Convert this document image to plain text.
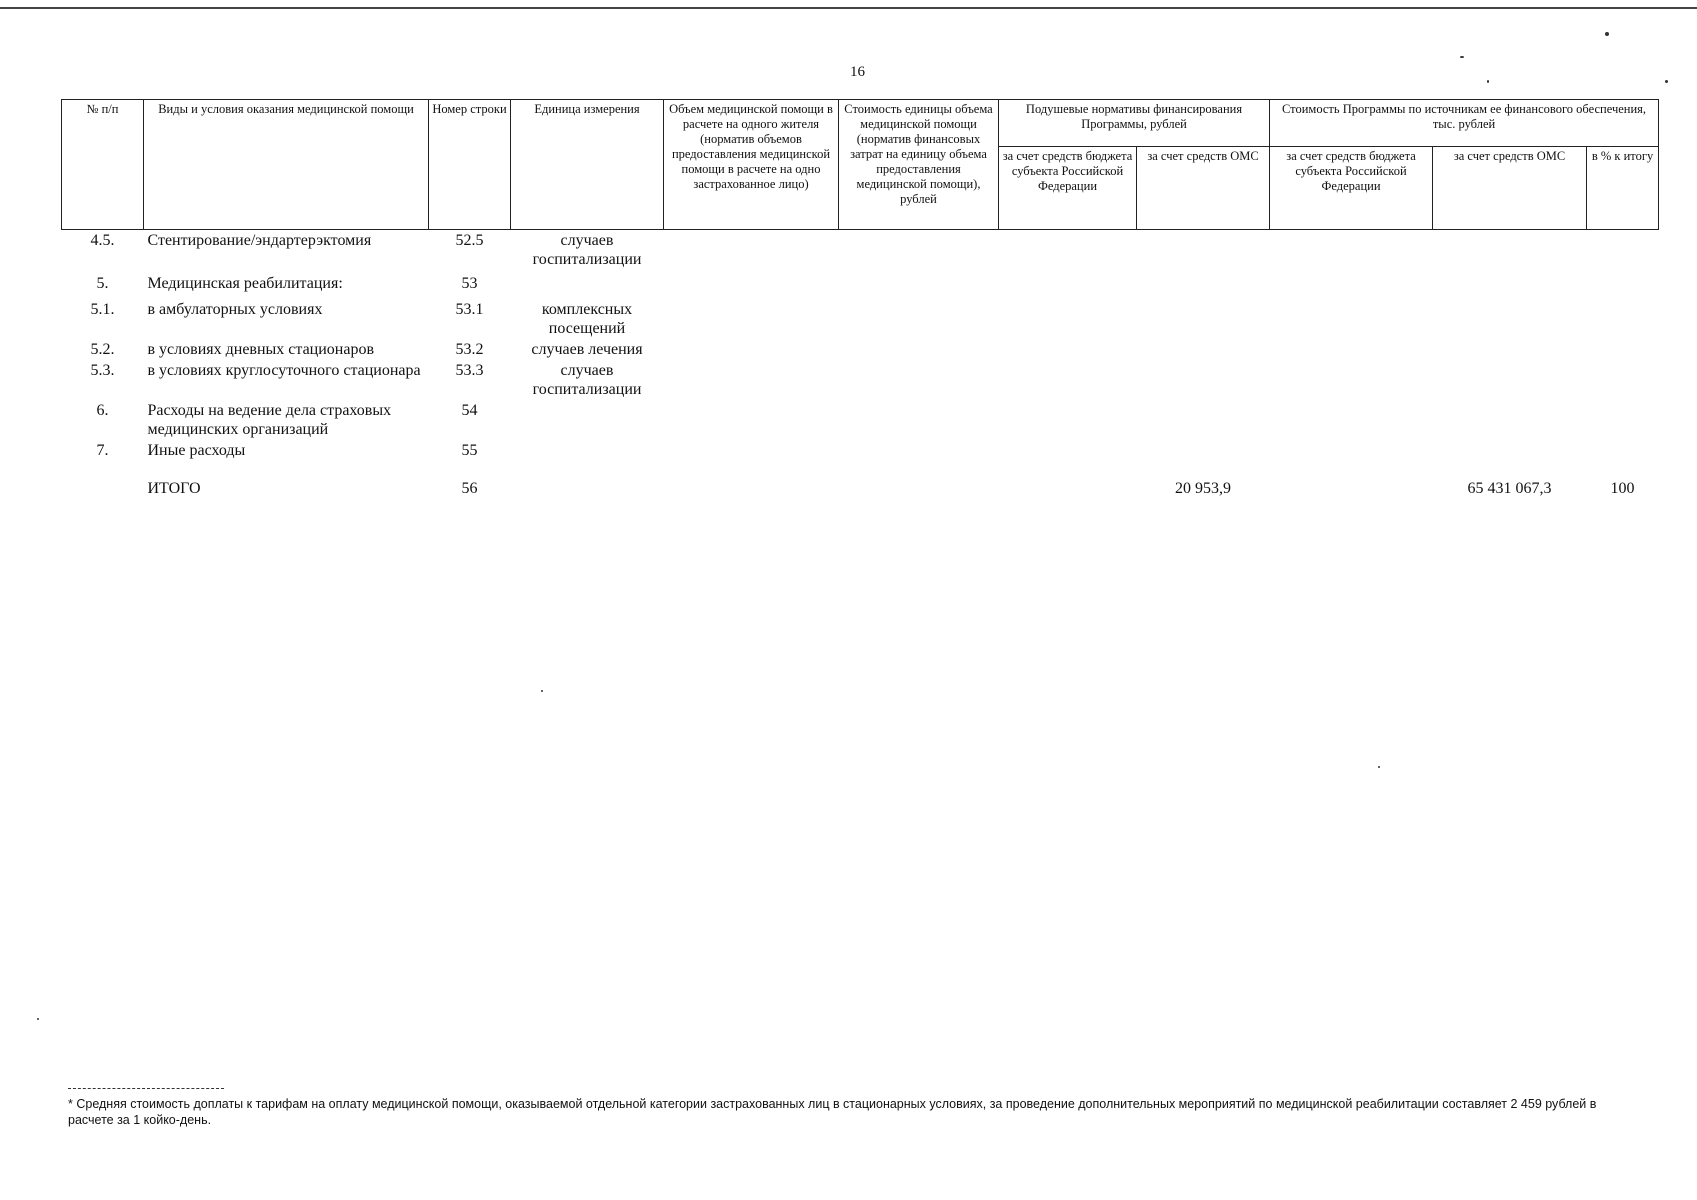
16
№ п/п	Виды и условия оказания медицинской помощи	Номер строки	Единица измерения	Объем медицинской помощи в расчете на одного жителя (норматив объемов предоставления медицинской помощи в расчете на одно застрахованное лицо)	Стоимость единицы объема медицинской помощи (норматив финансовых затрат на единицу объема предоставления медицинской помощи), рублей	Подушевые нормативы финансирования Программы, рублей		Стоимость Программы по источникам ее финансового обеспечения, тыс. рублей		
						за счет средств бюджета субъекта Российской Федерации	за счет средств ОМС	за счет средств бюджета субъекта Российской Федерации	за счет средств ОМС	в % к итогу
4.5.	Стентирование/эндартерэктомия	52.5	случаев госпитализации							
5.	Медицинская реабилитация:	53								
5.1.	в амбулаторных условиях	53.1	комплексных посещений							
5.2.	в условиях дневных стационаров	53.2	случаев лечения							
5.3.	в условиях круглосуточного стационара	53.3	случаев госпитализации							
6.	Расходы на ведение дела страховых медицинских организаций	54								
7.	Иные расходы	55								
	ИТОГО	56					20 953,9		65 431 067,3	100
* Средняя стоимость доплаты к тарифам на оплату медицинской помощи, оказываемой отдельной категории застрахованных лиц в стационарных условиях, за проведение дополнительных мероприятий по медицинской реабилитации составляет 2 459 рублей в расчете за 1 койко-день.
